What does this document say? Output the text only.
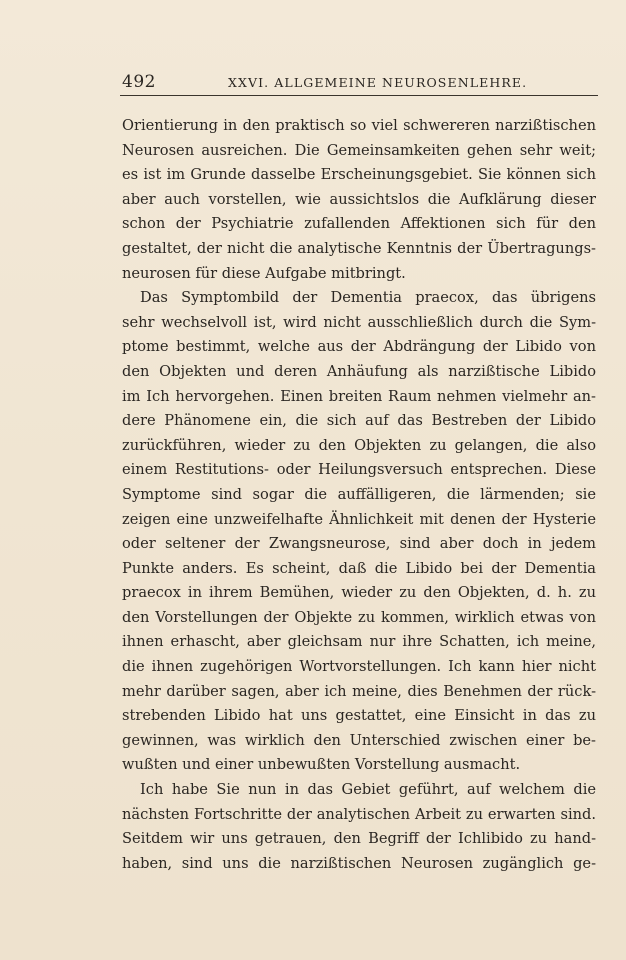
492	XXVI. ALLGEMEINE NEUROSENLEHRE.
Orientierung in den praktisch so viel schwereren narzißtischen
Neurosen ausreichen. Die Gemeinsamkeiten gehen sehr weit;
es ist im Grunde dasselbe Erscheinungsgebiet. Sie können sich
aber auch vorstellen, wie aussichtslos die Aufklärung dieser
schon der Psychiatrie zufallenden Affektionen sich für den
gestaltet, der nicht die analytische Kenntnis der Übertragungs-
neurosen für diese Aufgabe mitbringt.
Das Symptombild der Dementia praecox, das übrigens
sehr wechselvoll ist, wird nicht ausschließlich durch die Sym-
ptome bestimmt, welche aus der Abdrängung der Libido von
den Objekten und deren Anhäufung als narzißtische Libido
im Ich hervorgehen. Einen breiten Raum nehmen vielmehr an-
dere Phänomene ein, die sich auf das Bestreben der Libido
zurückführen, wieder zu den Objekten zu gelangen, die also
einem Restitutions- oder Heilungsversuch entsprechen. Diese
Symptome sind sogar die auffälligeren, die lärmenden; sie
zeigen eine unzweifelhafte Ähnlichkeit mit denen der Hysterie
oder seltener der Zwangsneurose, sind aber doch in jedem
Punkte anders. Es scheint, daß die Libido bei der Dementia
praecox in ihrem Bemühen, wieder zu den Objekten, d. h. zu
den Vorstellungen der Objekte zu kommen, wirklich etwas von
ihnen erhascht, aber gleichsam nur ihre Schatten, ich meine,
die ihnen zugehörigen Wortvorstellungen. Ich kann hier nicht
mehr darüber sagen, aber ich meine, dies Benehmen der rück-
strebenden Libido hat uns gestattet, eine Einsicht in das zu
gewinnen, was wirklich den Unterschied zwischen einer be-
wußten und einer unbewußten Vorstellung ausmacht.
Ich habe Sie nun in das Gebiet geführt, auf welchem die
nächsten Fortschritte der analytischen Arbeit zu erwarten sind.
Seitdem wir uns getrauen, den Begriff der Ichlibido zu hand-
haben, sind uns die narzißtischen Neurosen zugänglich ge-
